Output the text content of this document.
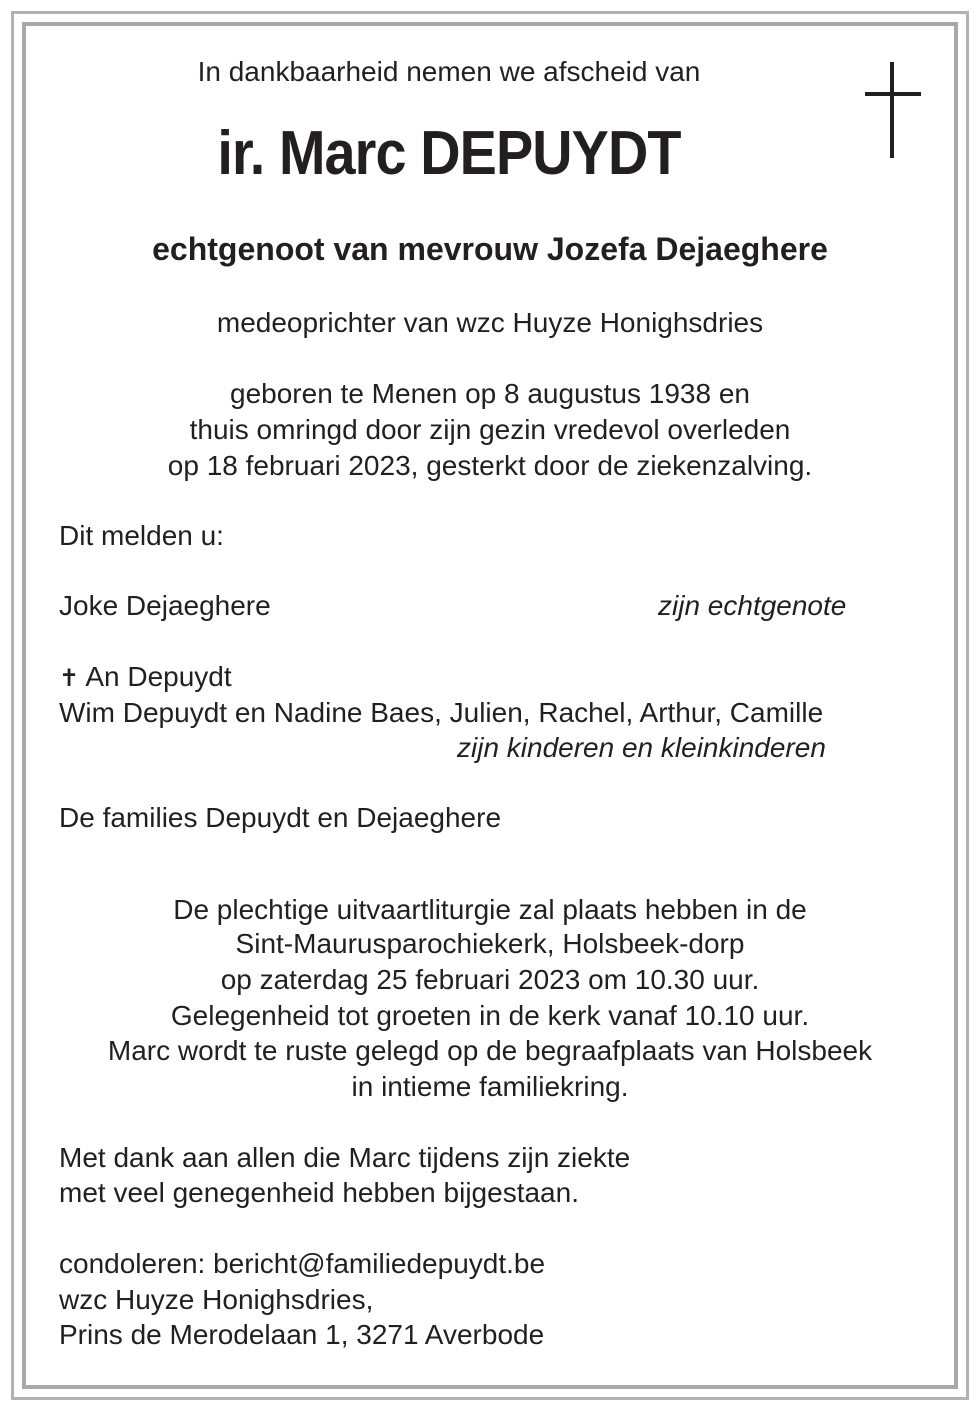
In dankbaarheid nemen we afscheid van
ir. Marc DEPUYDT
echtgenoot van mevrouw Jozefa Dejaeghere
medeoprichter van wzc Huyze Honighsdries
geboren te Menen op 8 augustus 1938 en
thuis omringd door zijn gezin vredevol overleden
op 18 februari 2023, gesterkt door de ziekenzalving.
Dit melden u:
Joke Dejaeghere	zijn echtgenote
✝ An Depuydt
Wim Depuydt en Nadine Baes, Julien, Rachel, Arthur, Camille
zijn kinderen en kleinkinderen
De families Depuydt en Dejaeghere
De plechtige uitvaartliturgie zal plaats hebben in de
Sint-Maurusparochiekerk, Holsbeek-dorp
op zaterdag 25 februari 2023 om 10.30 uur.
Gelegenheid tot groeten in de kerk vanaf 10.10 uur.
Marc wordt te ruste gelegd op de begraafplaats van Holsbeek
in intieme familiekring.
Met dank aan allen die Marc tijdens zijn ziekte
met veel genegenheid hebben bijgestaan.
condoleren: bericht@familiedepuydt.be
wzc Huyze Honighsdries,
Prins de Merodelaan 1, 3271 Averbode
